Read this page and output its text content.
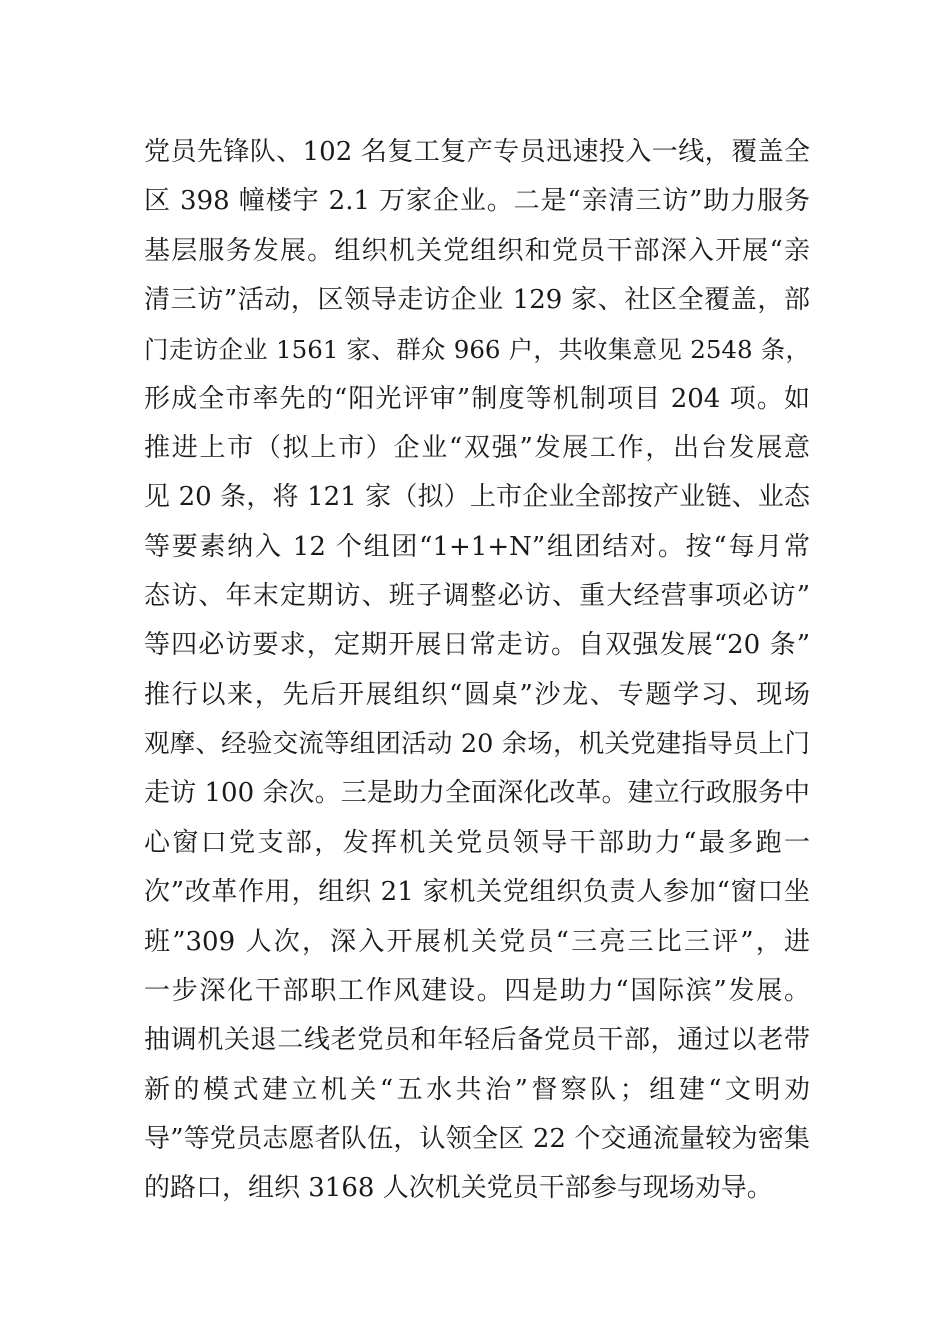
党员先锋队、102 名复工复产专员迅速投入一线，覆盖全
区 398 幢楼宇 2.1 万家企业。二是“亲清三访”助力服务
基层服务发展。组织机关党组织和党员干部深入开展“亲
清三访”活动，区领导走访企业 129 家、社区全覆盖，部
门走访企业 1561 家、群众 966 户，共收集意见 2548 条，
形成全市率先的“阳光评审”制度等机制项目 204 项。如
推进上市（拟上市）企业“双强”发展工作，出台发展意
见 20 条，将 121 家（拟）上市企业全部按产业链、业态
等要素纳入 12 个组团“1+1+N”组团结对。按“每月常
态访、年末定期访、班子调整必访、重大经营事项必访”
等四必访要求，定期开展日常走访。自双强发展“20 条”
推行以来，先后开展组织“圆桌”沙龙、专题学习、现场
观摩、经验交流等组团活动 20 余场，机关党建指导员上门
走访 100 余次。三是助力全面深化改革。建立行政服务中
心窗口党支部，发挥机关党员领导干部助力“最多跑一
次”改革作用，组织 21 家机关党组织负责人参加“窗口坐
班”309 人次，深入开展机关党员“三亮三比三评”，进
一步深化干部职工作风建设。四是助力“国际滨”发展。
抽调机关退二线老党员和年轻后备党员干部，通过以老带
新的模式建立机关“五水共治”督察队；组建“文明劝
导”等党员志愿者队伍，认领全区 22 个交通流量较为密集
的路口，组织 3168 人次机关党员干部参与现场劝导。
